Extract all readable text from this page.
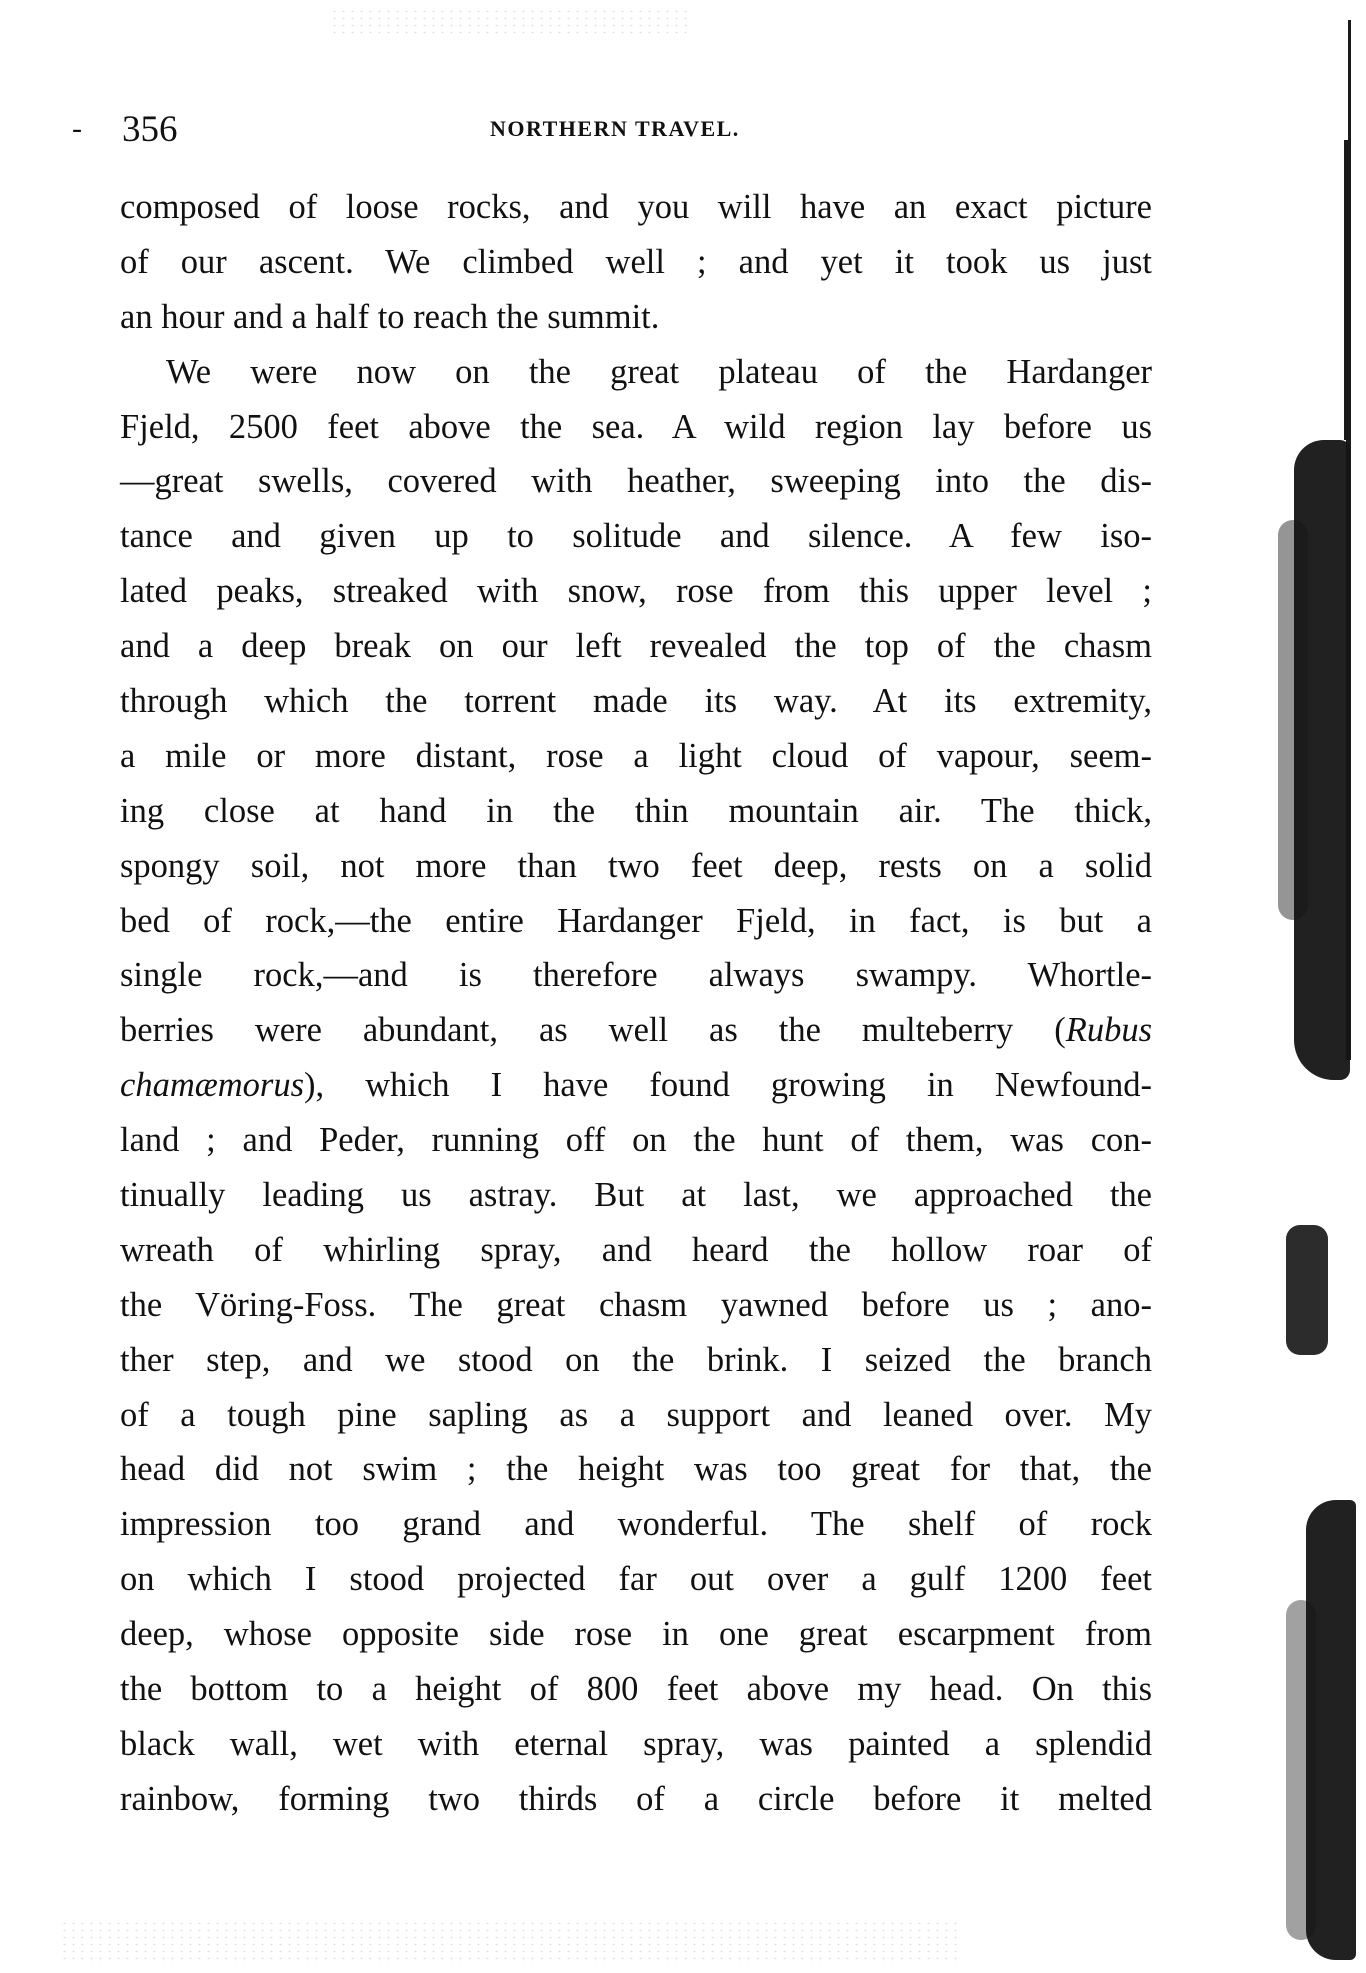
- 356	NORTHERN TRAVEL.
composed of loose rocks, and you will have an exact picture
of our ascent. We climbed well ; and yet it took us just
an hour and a half to reach the summit.
We were now on the great plateau of the Hardanger
Fjeld, 2500 feet above the sea. A wild region lay before us
—great swells, covered with heather, sweeping into the dis-
tance and given up to solitude and silence. A few iso-
lated peaks, streaked with snow, rose from this upper level ;
and a deep break on our left revealed the top of the chasm
through which the torrent made its way. At its extremity,
a mile or more distant, rose a light cloud of vapour, seem-
ing close at hand in the thin mountain air. The thick,
spongy soil, not more than two feet deep, rests on a solid
bed of rock,—the entire Hardanger Fjeld, in fact, is but a
single rock,—and is therefore always swampy. Whortle-
berries were abundant, as well as the multeberry (Rubus
chamæmorus), which I have found growing in Newfound-
land ; and Peder, running off on the hunt of them, was con-
tinually leading us astray. But at last, we approached the
wreath of whirling spray, and heard the hollow roar of
the Vöring-Foss. The great chasm yawned before us ; ano-
ther step, and we stood on the brink. I seized the branch
of a tough pine sapling as a support and leaned over. My
head did not swim ; the height was too great for that, the
impression too grand and wonderful. The shelf of rock
on which I stood projected far out over a gulf 1200 feet
deep, whose opposite side rose in one great escarpment from
the bottom to a height of 800 feet above my head. On this
black wall, wet with eternal spray, was painted a splendid
rainbow, forming two thirds of a circle before it melted
